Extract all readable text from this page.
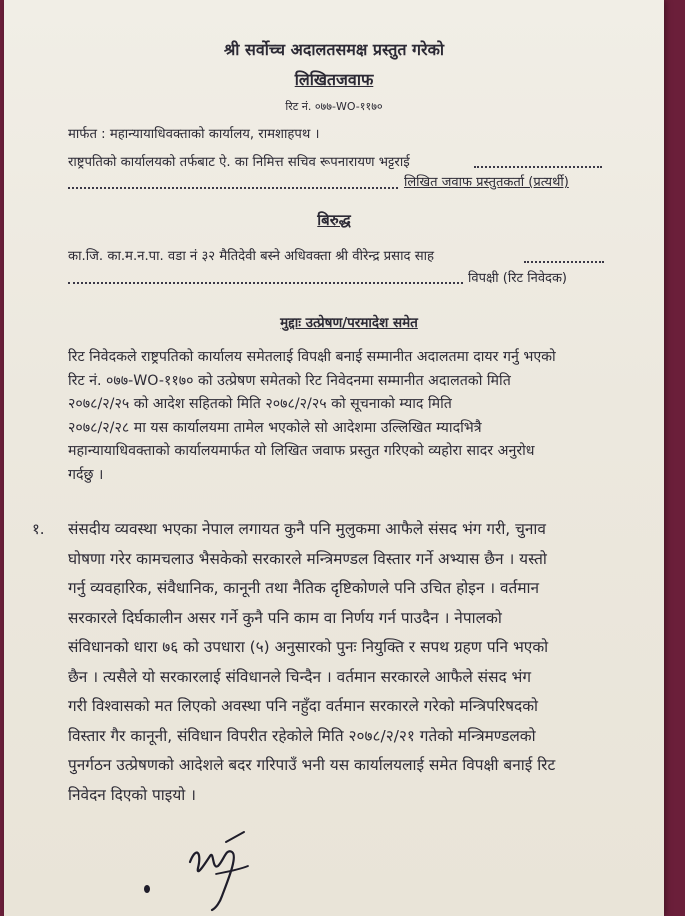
श्री सर्वोच्च अदालतसमक्ष प्रस्तुत गरेको
लिखितजवाफ
रिट नं. ०७७-WO-११७०
मार्फत : महान्यायाधिवक्ताको कार्यालय, रामशाहपथ ।
राष्ट्रपतिको कार्यालयको तर्फबाट ऐ. का निमित्त सचिव रूपनारायण भट्टराई
लिखित जवाफ प्रस्तुतकर्ता (प्रत्यर्थी)
बिरुद्ध
का.जि. का.म.न.पा. वडा नं ३२ मैतिदेवी बस्ने अधिवक्ता श्री वीरेन्द्र प्रसाद साह
विपक्षी (रिट निवेदक)
मुद्दाः उत्प्रेषण/परमादेश समेत
रिट निवेदकले राष्ट्रपतिको कार्यालय समेतलाई विपक्षी बनाई सम्मानीत अदालतमा दायर गर्नु भएको
रिट नं. ०७७-WO-११७० को उत्प्रेषण समेतको रिट निवेदनमा सम्मानीत अदालतको मिति
२०७८/२/२५ को आदेश सहितको मिति २०७८/२/२५ को सूचनाको म्याद मिति
२०७८/२/२८ मा यस कार्यालयमा तामेल भएकोले सो आदेशमा उल्लिखित म्यादभित्रै
महान्यायाधिवक्ताको कार्यालयमार्फत यो लिखित जवाफ प्रस्तुत गरिएको व्यहोरा सादर अनुरोध
गर्दछु ।
१. संसदीय व्यवस्था भएका नेपाल लगायत कुनै पनि मुलुकमा आफैले संसद भंग गरी, चुनाव
घोषणा गरेर कामचलाउ भैसकेको सरकारले मन्त्रिमण्डल विस्तार गर्ने अभ्यास छैन । यस्तो
गर्नु व्यवहारिक, संवैधानिक, कानूनी तथा नैतिक दृष्टिकोणले पनि उचित होइन । वर्तमान
सरकारले दिर्घकालीन असर गर्ने कुनै पनि काम वा निर्णय गर्न पाउदैन । नेपालको
संविधानको धारा ७६ को उपधारा (५) अनुसारको पुनः नियुक्ति र सपथ ग्रहण पनि भएको
छैन । त्यसैले यो सरकारलाई संविधानले चिन्दैन । वर्तमान सरकारले आफैले संसद भंग
गरी विश्वासको मत लिएको अवस्था पनि नहुँदा वर्तमान सरकारले गरेको मन्त्रिपरिषदको
विस्तार गैर कानूनी, संविधान विपरीत रहेकोले मिति २०७८/२/२१ गतेको मन्त्रिमण्डलको
पुनर्गठन उत्प्रेषणको आदेशले बदर गरिपाउँ भनी यस कार्यालयलाई समेत विपक्षी बनाई रिट
निवेदन दिएको पाइयो ।
